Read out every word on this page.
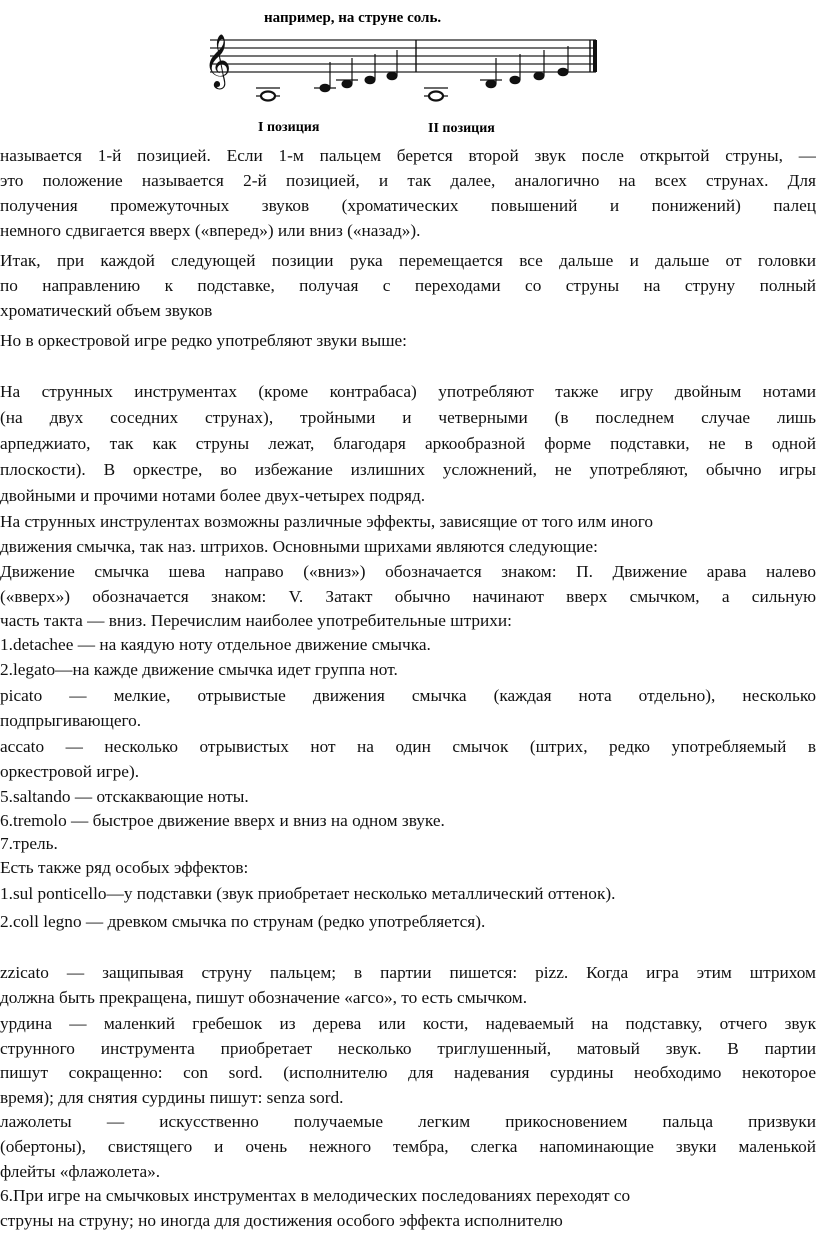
например, на струне соль.
𝄞
I позиция	II позиция
называется 1-й позицией. Если 1-м пальцем берется второй звук после открытой струны, —
это положение называется 2-й позицией, и так далее, аналогично на всех струнах. Для
получения промежуточных звуков (хроматических повышений и понижений) палец
немного сдвигается вверх («вперед») или вниз («назад»).
Итак, при каждой следующей позиции рука перемещается все дальше и дальше от головки
по направлению к подставке, получая с переходами со струны на струну полный
хроматический объем звуков
Но в оркестровой игре редко употребляют звуки выше:
На струнных инструментах (кроме контрабаса) употребляют также игру двойным нотами
(на двух соседних струнах), тройными и четверными (в последнем случае лишь
арпеджиато, так как струны лежат, благодаря аркообразной форме подставки, не в одной
плоскости). В оркестре, во избежание излишних усложнений, не употребляют, обычно игры
двойными и прочими нотами более двух-четырех подряд.
На струнных инструлентах возможны различные эффекты, зависящие от того илм иного
движения смычка, так наз. штрихов. Основными шрихами являются следующие:
Движение смычка шева направо («вниз») обозначается знаком: П. Движение арава налево
(«вверх») обозначается знаком: V. Затакт обычно начинают вверх смычком, а сильную
часть такта — вниз. Перечислим наиболее употребительные штрихи:
1.detachee — на каядую ноту отдельное движение смычка.
2.legato—на кажде движение смычка идет группа нот.
picato — мелкие, отрывистые движения смычка (каждая нота отдельно), несколько
подпрыгивающего.
accato — несколько отрывистых нот на один смычок (штрих, редко употребляемый в
оркестровой игре).
5.saltando — отскаквающие ноты.
6.tremolo — быстрое движение вверх и вниз на одном звуке.
7.трель.
Есть также ряд особых эффектов:
1.sul ponticello—у подставки (звук приобретает несколько металлический оттенок).
2.coll legno — древком смычка по струнам (редко употребляется).
zzicato — защипывая струну пальцем; в партии пишется: pizz. Когда игра этим штрихом
должна быть прекращена, пишут обозначение «агсо», то есть смычком.
урдина — маленкий гребешок из дерева или кости, надеваемый на подставку, отчего звук
струнного инструмента приобретает несколько триглушенный, матовый звук. В партии
пишут сокращенно: con sord. (исполнителю для надевания сурдины необходимо некоторое
время); для снятия сурдины пишут: senza sord.
лажолеты — искусственно получаемые легким прикосновением пальца призвуки
(обертоны), свистящего и очень нежного тембра, слегка напоминающие звуки маленькой
флейты «флажолета».
6.При игре на смычковых инструментах в мелодических последованиях переходят со
струны на струну; но иногда для достижения особого эффекта исполнителю
